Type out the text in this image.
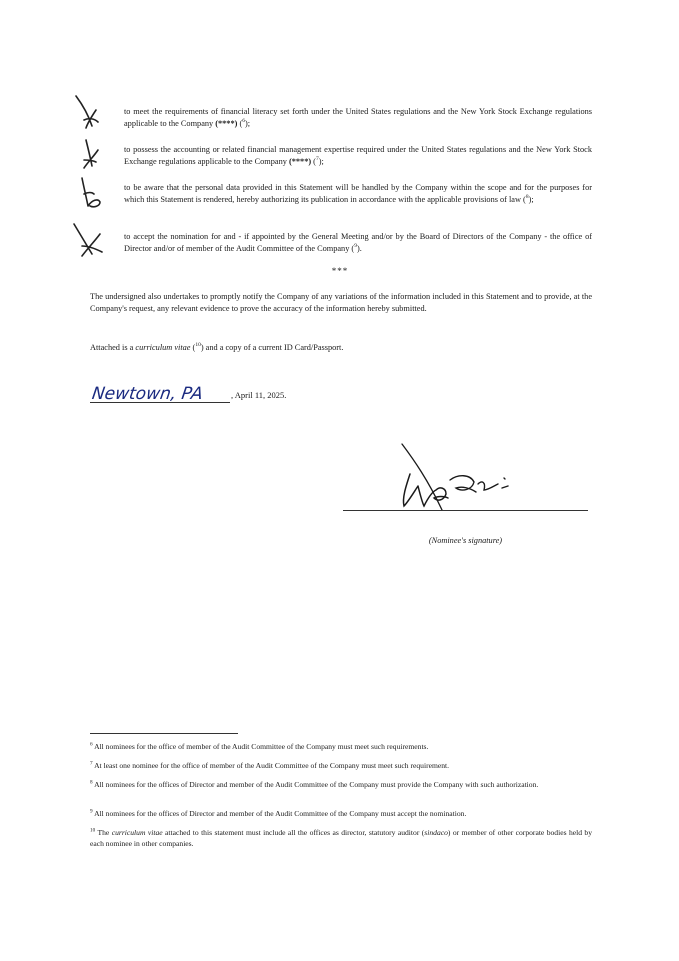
to meet the requirements of financial literacy set forth under the United States regulations and the New York Stock Exchange regulations applicable to the Company (****) ($^6$);
to possess the accounting or related financial management expertise required under the United States regulations and the New York Stock Exchange regulations applicable to the Company (****) ($^7$);
to be aware that the personal data provided in this Statement will be handled by the Company within the scope and for the purposes for which this Statement is rendered, hereby authorizing its publication in accordance with the applicable provisions of law ($^8$);
to accept the nomination for and - if appointed by the General Meeting and/or by the Board of Directors of the Company - the office of Director and/or of member of the Audit Committee of the Company ($^9$).
***
The undersigned also undertakes to promptly notify the Company of any variations of the information included in this Statement and to provide, at the Company's request, any relevant evidence to prove the accuracy of the information hereby submitted.
Attached is a curriculum vitae ($^{10}$) and a copy of a current ID Card/Passport.
Newtown, PA	, April 11, 2025.
(Nominee's signature)
$^6$ All nominees for the office of member of the Audit Committee of the Company must meet such requirements.
$^7$ At least one nominee for the office of member of the Audit Committee of the Company must meet such requirement.
$^8$ All nominees for the offices of Director and member of the Audit Committee of the Company must provide the Company with such authorization.
$^9$ All nominees for the offices of Director and member of the Audit Committee of the Company must accept the nomination.
$^{10}$ The curriculum vitae attached to this statement must include all the offices as director, statutory auditor (sindaco) or member of other corporate bodies held by each nominee in other companies.
